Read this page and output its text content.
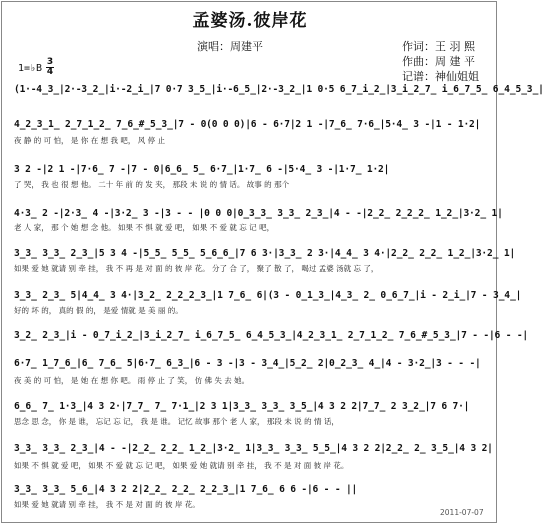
孟婆汤.彼岸花
演唱：周建平	作词：王 羽 熙
作曲：周 建 平
记谱：神仙姐姐
1=♭B
3
4
(1·-4̲3̲|2·-3̲2̲|i·-2̲i̲|7 0·7 3̲5̲|i·-6̲5̲|2·-3̲2̲|1 0·5 6̲7̲i̲2̲|3̲i̲2̲7̲ i̲6̲7̲5̲ 6̲4̲5̲3̲|
4̲2̲3̲1̲ 2̲7̲1̲2̲ 7̲6̲#̲5̲3̲|7 - 0(0 0 0)|6 - 6·7|2 1 -|7̲6̲ 7·6̲|5·4̲ 3 -|1 - 1·2|
夜 静 的 可 怕， 是 你 在 想 我 吧， 风 停 止
3 2 -|2 1 -|7·6̲ 7 -|7 - 0|6̲6̲ 5̲ 6·7̲|1·7̲ 6 -|5·4̲ 3 -|1·7̲ 1·2|
了 哭， 我 也 很 想 他。 二十 年 前 的 发 夹， 那段 未 说 的 情 话。 故事 的 那个
4·3̲ 2 -|2·3̲ 4 -|3·2̲ 3 -|3 - - |0 0 0|0̲3̲3̲ 3̲3̲ 2̲3̲|4 - -|2̲2̲ 2̲2̲2̲ 1̲2̲|3·2̲ 1|
老 人 家， 那 个 她 想 念 他。 如果 不 惧 就 爱 吧， 如果 不 爱 就 忘 记 吧，
3̲3̲ 3̲3̲ 2̲3̲|5 3 4 -|5̲5̲ 5̲5̲ 5̲6̲6̲|7 6 3·|3̲3̲ 2 3·|4̲4̲ 3 4·|2̲2̲ 2̲2̲ 1̲2̲|3·2̲ 1|
如果 爱 她 就请 别 牵 挂， 我 不 再 是 对 面 的 彼 岸 花。 分了 合 了， 聚了 散 了， 喝过 孟婆 汤就 忘 了，
3̲3̲ 2̲3̲ 5|4̲4̲ 3 4·|3̲2̲ 2̲2̲2̲3̲|1 7̲6̲ 6|(3 - 0̲1̲3̲|4̲3̲ 2̲ 0̲6̲7̲|i - 2̲i̲|7 - 3̲4̲|
好的 坏 的， 真的 假 的， 是爱 情就 是 美 丽 的。
3̲2̲ 2̲3̲|i - 0̲7̲i̲2̲|3̲i̲2̲7̲ i̲6̲7̲5̲ 6̲4̲5̲3̲|4̲2̲3̲1̲ 2̲7̲1̲2̲ 7̲6̲#̲5̲3̲|7 - -|6 - -|
6·7̲ 1̲7̲6̲|6̲ 7̲6̲ 5|6·7̲ 6̲3̲|6 - 3 -|3 - 3̲4̲|5̲2̲ 2|0̲2̲3̲ 4̲|4 - 3·2̲|3 - - -|
夜 美 的 可 怕， 是 她 在 想 你 吧。 雨 停 止 了 笑， 仿 佛 失 去 她。
6̲6̲ 7̲ 1·3̲|4 3 2·|7̲7̲ 7̲ 7·1̲|2 3 1|3̲3̲ 3̲3̲ 3̲5̲|4 3 2 2|7̲7̲ 2 3̲2̲|7 6 7·|
思念 思 念， 你 是 谁， 忘记 忘 记， 我 是 谁。 记忆 故事 那个 老 人 家， 那段 未 说 的 情 话，
3̲3̲ 3̲3̲ 2̲3̲|4 - -|2̲2̲ 2̲2̲ 1̲2̲|3·2̲ 1|3̲3̲ 3̲3̲ 5̲5̲|4 3 2 2|2̲2̲ 2̲ 3̲5̲|4 3 2|
如果 不 惧 就 爱 吧， 如果 不 爱 就 忘 记 吧， 如果 爱 她 就请 别 牵 挂， 我 不 是 对 面 彼 岸 花。
3̲3̲ 3̲3̲ 5̲6̲|4 3 2 2|2̲2̲ 2̲2̲ 2̲2̲3̲|1 7̲6̲ 6 6 -|6 - - ||
如果 爱 她 就请 别 牵 挂， 我 不 是 对 面 的 彼 岸 花。
2011-07-07
